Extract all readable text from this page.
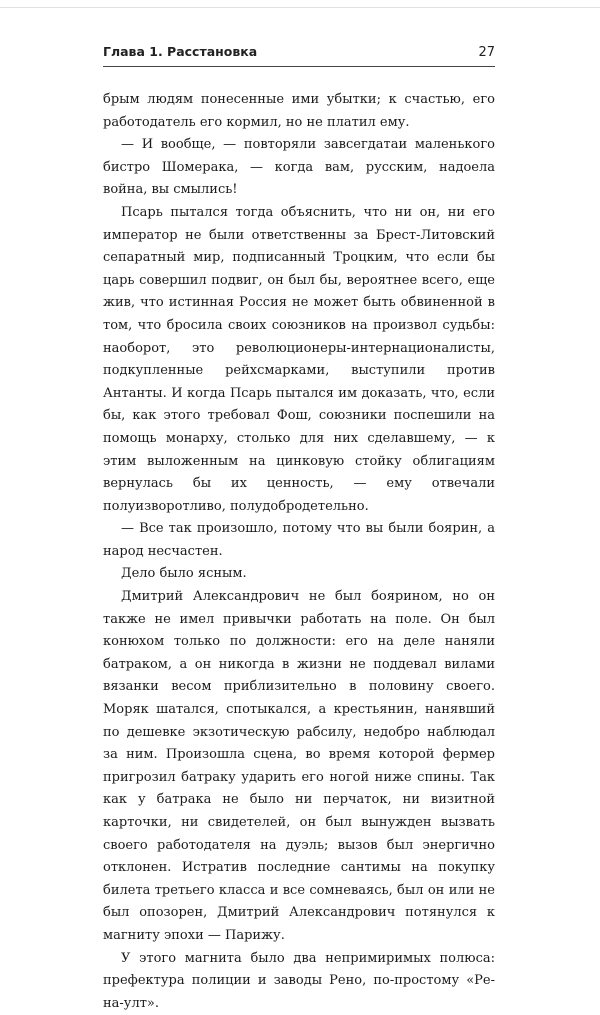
Глава 1. Расстановка	27

брым людям понесенные ими убытки; к счастью, его работодатель его кормил, но не платил ему.

— И вообще, — повторяли завсегдатаи маленького бистро Шомерака, — когда вам, русским, надоела война, вы смылись!

Псарь пытался тогда объяснить, что ни он, ни его император не были ответственны за Брест-Литовский сепаратный мир, подписанный Троцким, что если бы царь совершил подвиг, он был бы, вероятнее всего, еще жив, что истинная Россия не может быть обвиненной в том, что бросила своих союзников на произвол судьбы: наоборот, это революционеры-интернационалисты, подкупленные рейхсмарками, выступили против Антанты. И когда Псарь пытался им доказать, что, если бы, как этого требовал Фош, союзники поспешили на помощь монарху, столько для них сделавшему, — к этим выложенным на цинковую стойку облигациям вернулась бы их ценность, — ему отвечали полуизворотливо, полудобродетельно.

— Все так произошло, потому что вы были боярин, а народ несчастен.

Дело было ясным.

Дмитрий Александрович не был боярином, но он также не имел привычки работать на поле. Он был конюхом только по должности: его на деле наняли батраком, а он никогда в жизни не поддевал вилами вязанки весом приблизительно в половину своего. Моряк шатался, спотыкался, а крестьянин, нанявший по дешевке экзотическую рабсилу, недобро наблюдал за ним. Произошла сцена, во время которой фермер пригрозил батраку ударить его ногой ниже спины. Так как у батрака не было ни перчаток, ни визитной карточки, ни свидетелей, он был вынужден вызвать своего работодателя на дуэль; вызов был энергично отклонен. Истратив последние сантимы на покупку билета третьего класса и все сомневаясь, был он или не был опозорен, Дмитрий Александрович потянулся к магниту эпохи — Парижу.

У этого магнита было два непримиримых полюса: префектура полиции и заводы Рено, по-простому «Ре-на-улт».
